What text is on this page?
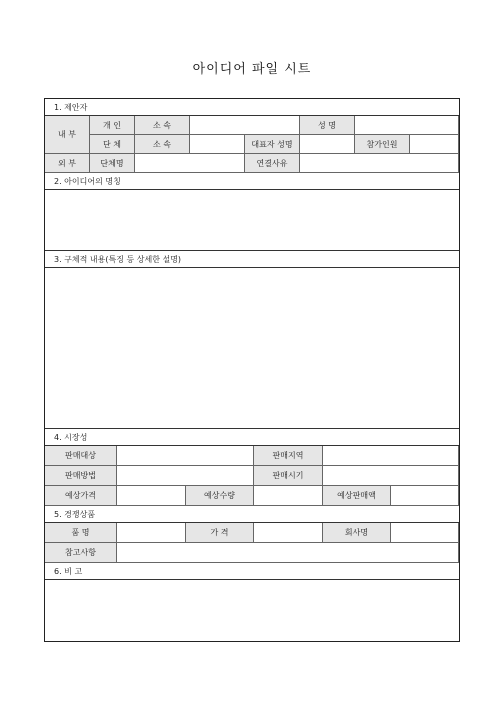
아이디어 파일 시트
1. 제안자
내 부
개 인	소 속	성 명
단 체	소 속	대표자 성명	참가인원
외 부	단체명	연결사유
2. 아이디어의 명칭
3. 구체적 내용(특징 등 상세한 설명)
4. 시장성
판매대상	판매지역
판매방법	판매시기
예상가격	예상수량	예상판매액
5. 경쟁상품
품 명	가 격	회사명
참고사항
6. 비 고
